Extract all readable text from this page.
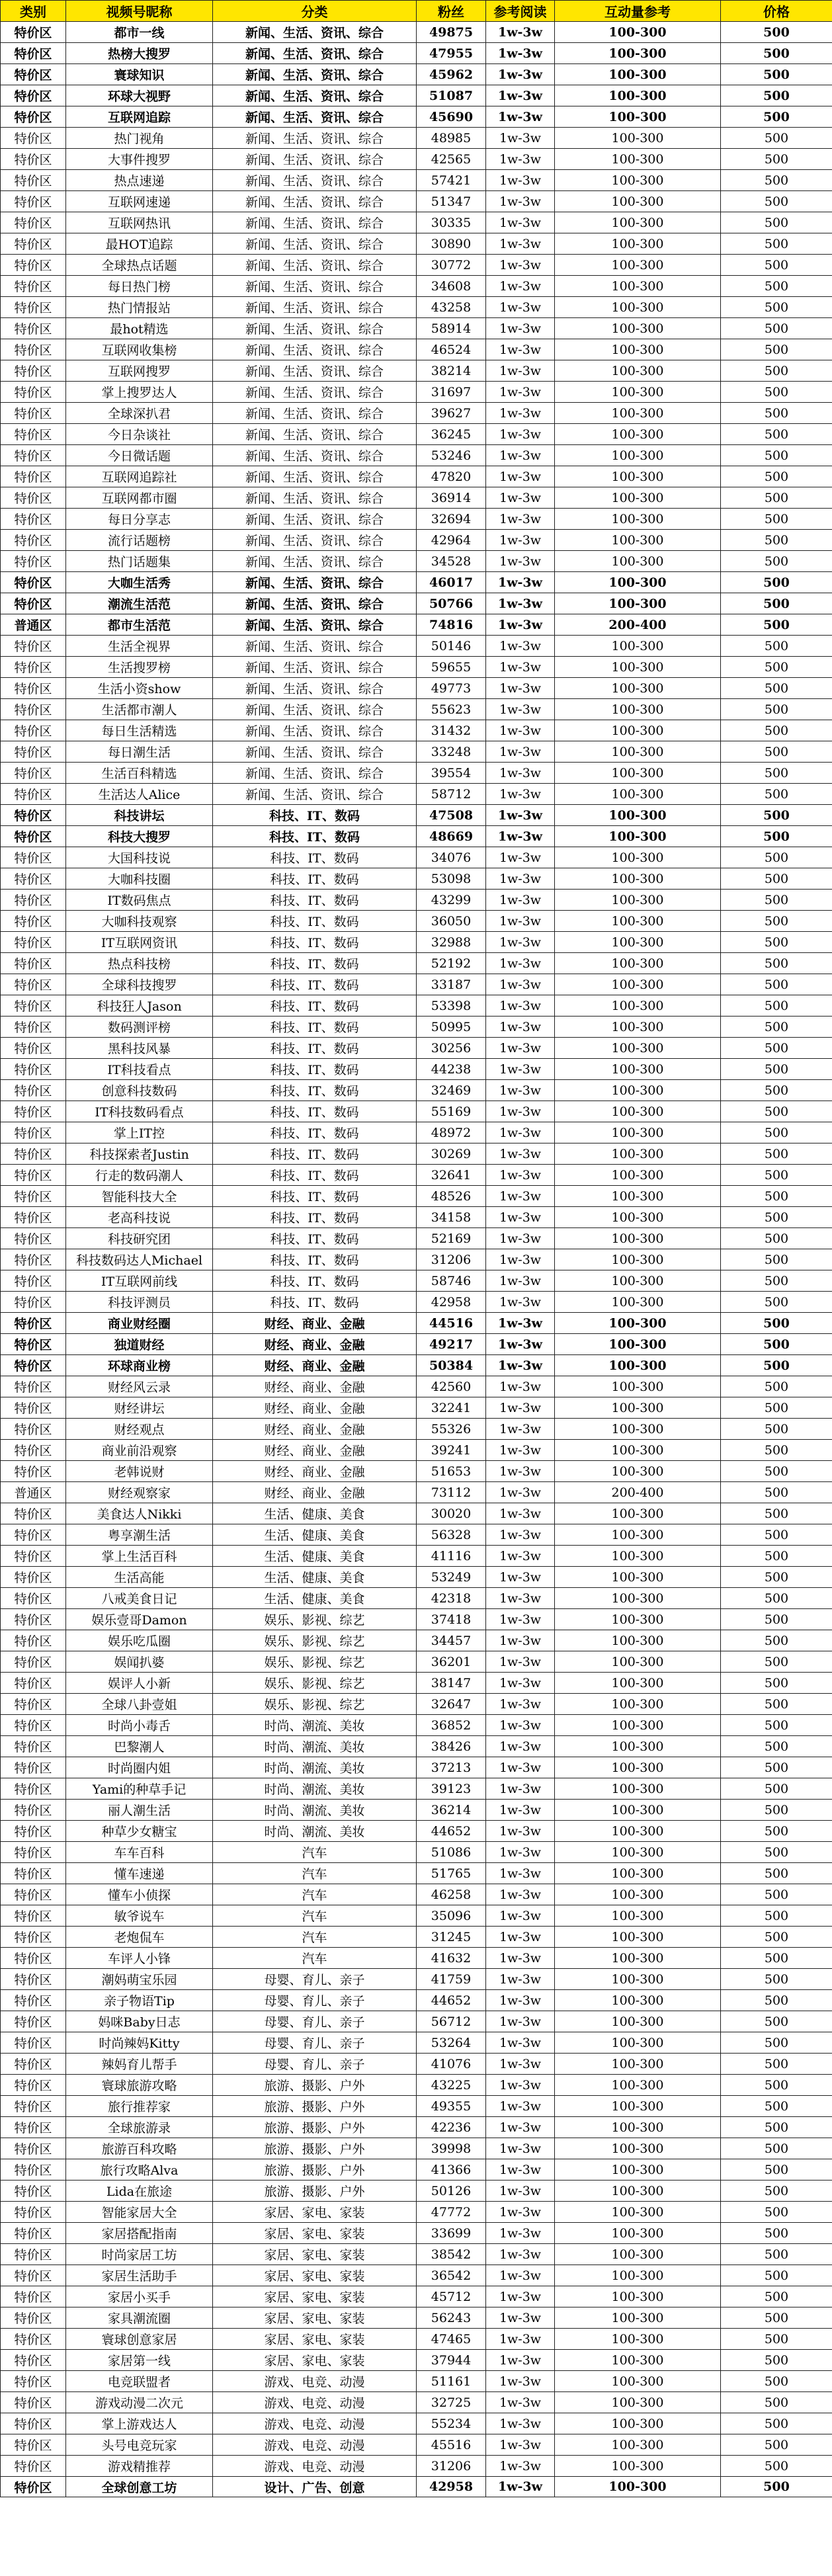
类别	视频号昵称	分类	粉丝	参考阅读	互动量参考	价格
特价区	都市一线	新闻、生活、资讯、综合	49875	1w-3w	100-300	500
特价区	热榜大搜罗	新闻、生活、资讯、综合	47955	1w-3w	100-300	500
特价区	寰球知识	新闻、生活、资讯、综合	45962	1w-3w	100-300	500
特价区	环球大视野	新闻、生活、资讯、综合	51087	1w-3w	100-300	500
特价区	互联网追踪	新闻、生活、资讯、综合	45690	1w-3w	100-300	500
特价区	热门视角	新闻、生活、资讯、综合	48985	1w-3w	100-300	500
特价区	大事件搜罗	新闻、生活、资讯、综合	42565	1w-3w	100-300	500
特价区	热点速递	新闻、生活、资讯、综合	57421	1w-3w	100-300	500
特价区	互联网速递	新闻、生活、资讯、综合	51347	1w-3w	100-300	500
特价区	互联网热讯	新闻、生活、资讯、综合	30335	1w-3w	100-300	500
特价区	最HOT追踪	新闻、生活、资讯、综合	30890	1w-3w	100-300	500
特价区	全球热点话题	新闻、生活、资讯、综合	30772	1w-3w	100-300	500
特价区	每日热门榜	新闻、生活、资讯、综合	34608	1w-3w	100-300	500
特价区	热门情报站	新闻、生活、资讯、综合	43258	1w-3w	100-300	500
特价区	最hot精选	新闻、生活、资讯、综合	58914	1w-3w	100-300	500
特价区	互联网收集榜	新闻、生活、资讯、综合	46524	1w-3w	100-300	500
特价区	互联网搜罗	新闻、生活、资讯、综合	38214	1w-3w	100-300	500
特价区	掌上搜罗达人	新闻、生活、资讯、综合	31697	1w-3w	100-300	500
特价区	全球深扒君	新闻、生活、资讯、综合	39627	1w-3w	100-300	500
特价区	今日杂谈社	新闻、生活、资讯、综合	36245	1w-3w	100-300	500
特价区	今日微话题	新闻、生活、资讯、综合	53246	1w-3w	100-300	500
特价区	互联网追踪社	新闻、生活、资讯、综合	47820	1w-3w	100-300	500
特价区	互联网都市圈	新闻、生活、资讯、综合	36914	1w-3w	100-300	500
特价区	每日分享志	新闻、生活、资讯、综合	32694	1w-3w	100-300	500
特价区	流行话题榜	新闻、生活、资讯、综合	42964	1w-3w	100-300	500
特价区	热门话题集	新闻、生活、资讯、综合	34528	1w-3w	100-300	500
特价区	大咖生活秀	新闻、生活、资讯、综合	46017	1w-3w	100-300	500
特价区	潮流生活范	新闻、生活、资讯、综合	50766	1w-3w	100-300	500
普通区	都市生活范	新闻、生活、资讯、综合	74816	1w-3w	200-400	500
特价区	生活全视界	新闻、生活、资讯、综合	50146	1w-3w	100-300	500
特价区	生活搜罗榜	新闻、生活、资讯、综合	59655	1w-3w	100-300	500
特价区	生活小资show	新闻、生活、资讯、综合	49773	1w-3w	100-300	500
特价区	生活都市潮人	新闻、生活、资讯、综合	55623	1w-3w	100-300	500
特价区	每日生活精选	新闻、生活、资讯、综合	31432	1w-3w	100-300	500
特价区	每日潮生活	新闻、生活、资讯、综合	33248	1w-3w	100-300	500
特价区	生活百科精选	新闻、生活、资讯、综合	39554	1w-3w	100-300	500
特价区	生活达人Alice	新闻、生活、资讯、综合	58712	1w-3w	100-300	500
特价区	科技讲坛	科技、IT、数码	47508	1w-3w	100-300	500
特价区	科技大搜罗	科技、IT、数码	48669	1w-3w	100-300	500
特价区	大国科技说	科技、IT、数码	34076	1w-3w	100-300	500
特价区	大咖科技圈	科技、IT、数码	53098	1w-3w	100-300	500
特价区	IT数码焦点	科技、IT、数码	43299	1w-3w	100-300	500
特价区	大咖科技观察	科技、IT、数码	36050	1w-3w	100-300	500
特价区	IT互联网资讯	科技、IT、数码	32988	1w-3w	100-300	500
特价区	热点科技榜	科技、IT、数码	52192	1w-3w	100-300	500
特价区	全球科技搜罗	科技、IT、数码	33187	1w-3w	100-300	500
特价区	科技狂人Jason	科技、IT、数码	53398	1w-3w	100-300	500
特价区	数码测评榜	科技、IT、数码	50995	1w-3w	100-300	500
特价区	黑科技风暴	科技、IT、数码	30256	1w-3w	100-300	500
特价区	IT科技看点	科技、IT、数码	44238	1w-3w	100-300	500
特价区	创意科技数码	科技、IT、数码	32469	1w-3w	100-300	500
特价区	IT科技数码看点	科技、IT、数码	55169	1w-3w	100-300	500
特价区	掌上IT控	科技、IT、数码	48972	1w-3w	100-300	500
特价区	科技探索者Justin	科技、IT、数码	30269	1w-3w	100-300	500
特价区	行走的数码潮人	科技、IT、数码	32641	1w-3w	100-300	500
特价区	智能科技大全	科技、IT、数码	48526	1w-3w	100-300	500
特价区	老高科技说	科技、IT、数码	34158	1w-3w	100-300	500
特价区	科技研究团	科技、IT、数码	52169	1w-3w	100-300	500
特价区	科技数码达人Michael	科技、IT、数码	31206	1w-3w	100-300	500
特价区	IT互联网前线	科技、IT、数码	58746	1w-3w	100-300	500
特价区	科技评测员	科技、IT、数码	42958	1w-3w	100-300	500
特价区	商业财经圈	财经、商业、金融	44516	1w-3w	100-300	500
特价区	独道财经	财经、商业、金融	49217	1w-3w	100-300	500
特价区	环球商业榜	财经、商业、金融	50384	1w-3w	100-300	500
特价区	财经风云录	财经、商业、金融	42560	1w-3w	100-300	500
特价区	财经讲坛	财经、商业、金融	32241	1w-3w	100-300	500
特价区	财经观点	财经、商业、金融	55326	1w-3w	100-300	500
特价区	商业前沿观察	财经、商业、金融	39241	1w-3w	100-300	500
特价区	老韩说财	财经、商业、金融	51653	1w-3w	100-300	500
普通区	财经观察家	财经、商业、金融	73112	1w-3w	200-400	500
特价区	美食达人Nikki	生活、健康、美食	30020	1w-3w	100-300	500
特价区	粤享潮生活	生活、健康、美食	56328	1w-3w	100-300	500
特价区	掌上生活百科	生活、健康、美食	41116	1w-3w	100-300	500
特价区	生活高能	生活、健康、美食	53249	1w-3w	100-300	500
特价区	八戒美食日记	生活、健康、美食	42318	1w-3w	100-300	500
特价区	娱乐壹哥Damon	娱乐、影视、综艺	37418	1w-3w	100-300	500
特价区	娱乐吃瓜圈	娱乐、影视、综艺	34457	1w-3w	100-300	500
特价区	娱闻扒婆	娱乐、影视、综艺	36201	1w-3w	100-300	500
特价区	娱评人小新	娱乐、影视、综艺	38147	1w-3w	100-300	500
特价区	全球八卦壹姐	娱乐、影视、综艺	32647	1w-3w	100-300	500
特价区	时尚小毒舌	时尚、潮流、美妆	36852	1w-3w	100-300	500
特价区	巴黎潮人	时尚、潮流、美妆	38426	1w-3w	100-300	500
特价区	时尚圈内姐	时尚、潮流、美妆	37213	1w-3w	100-300	500
特价区	Yami的种草手记	时尚、潮流、美妆	39123	1w-3w	100-300	500
特价区	丽人潮生活	时尚、潮流、美妆	36214	1w-3w	100-300	500
特价区	种草少女糖宝	时尚、潮流、美妆	44652	1w-3w	100-300	500
特价区	车车百科	汽车	51086	1w-3w	100-300	500
特价区	懂车速递	汽车	51765	1w-3w	100-300	500
特价区	懂车小侦探	汽车	46258	1w-3w	100-300	500
特价区	敏爷说车	汽车	35096	1w-3w	100-300	500
特价区	老炮侃车	汽车	31245	1w-3w	100-300	500
特价区	车评人小锋	汽车	41632	1w-3w	100-300	500
特价区	潮妈萌宝乐园	母婴、育儿、亲子	41759	1w-3w	100-300	500
特价区	亲子物语Tip	母婴、育儿、亲子	44652	1w-3w	100-300	500
特价区	妈咪Baby日志	母婴、育儿、亲子	56712	1w-3w	100-300	500
特价区	时尚辣妈Kitty	母婴、育儿、亲子	53264	1w-3w	100-300	500
特价区	辣妈育儿帮手	母婴、育儿、亲子	41076	1w-3w	100-300	500
特价区	寰球旅游攻略	旅游、摄影、户外	43225	1w-3w	100-300	500
特价区	旅行推荐家	旅游、摄影、户外	49355	1w-3w	100-300	500
特价区	全球旅游录	旅游、摄影、户外	42236	1w-3w	100-300	500
特价区	旅游百科攻略	旅游、摄影、户外	39998	1w-3w	100-300	500
特价区	旅行攻略Alva	旅游、摄影、户外	41366	1w-3w	100-300	500
特价区	Lida在旅途	旅游、摄影、户外	50126	1w-3w	100-300	500
特价区	智能家居大全	家居、家电、家装	47772	1w-3w	100-300	500
特价区	家居搭配指南	家居、家电、家装	33699	1w-3w	100-300	500
特价区	时尚家居工坊	家居、家电、家装	38542	1w-3w	100-300	500
特价区	家居生活助手	家居、家电、家装	36542	1w-3w	100-300	500
特价区	家居小买手	家居、家电、家装	45712	1w-3w	100-300	500
特价区	家具潮流圈	家居、家电、家装	56243	1w-3w	100-300	500
特价区	寰球创意家居	家居、家电、家装	47465	1w-3w	100-300	500
特价区	家居第一线	家居、家电、家装	37944	1w-3w	100-300	500
特价区	电竞联盟者	游戏、电竞、动漫	51161	1w-3w	100-300	500
特价区	游戏动漫二次元	游戏、电竞、动漫	32725	1w-3w	100-300	500
特价区	掌上游戏达人	游戏、电竞、动漫	55234	1w-3w	100-300	500
特价区	头号电竞玩家	游戏、电竞、动漫	45516	1w-3w	100-300	500
特价区	游戏精推荐	游戏、电竞、动漫	31206	1w-3w	100-300	500
特价区	全球创意工坊	设计、广告、创意	42958	1w-3w	100-300	500
